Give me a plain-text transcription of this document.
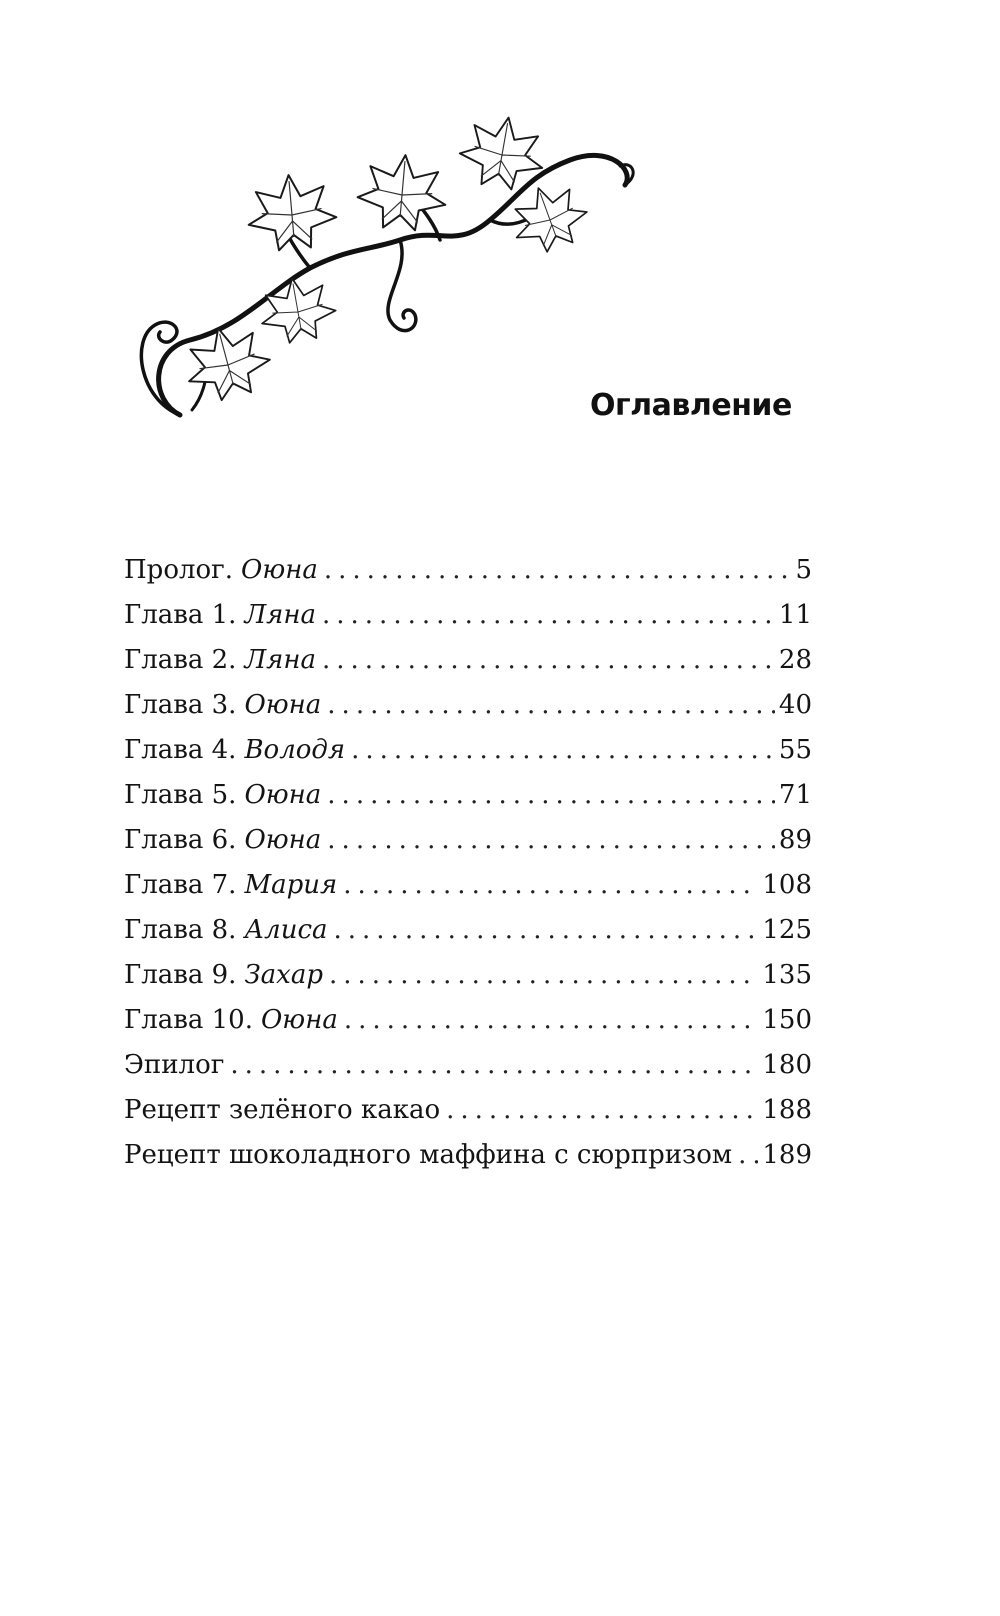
Оглавление
Пролог. Оюна .....	5
Глава 1. Ляна .....	11
Глава 2. Ляна .....	28
Глава 3. Оюна .....	40
Глава 4. Володя .....	55
Глава 5. Оюна .....	71
Глава 6. Оюна .....	89
Глава 7. Мария .....	108
Глава 8. Алиса .....	125
Глава 9. Захар .....	135
Глава 10. Оюна .....	150
Эпилог .....	180
Рецепт зелёного какао .....	188
Рецепт шоколадного маффина с сюрпризом ..... 189
